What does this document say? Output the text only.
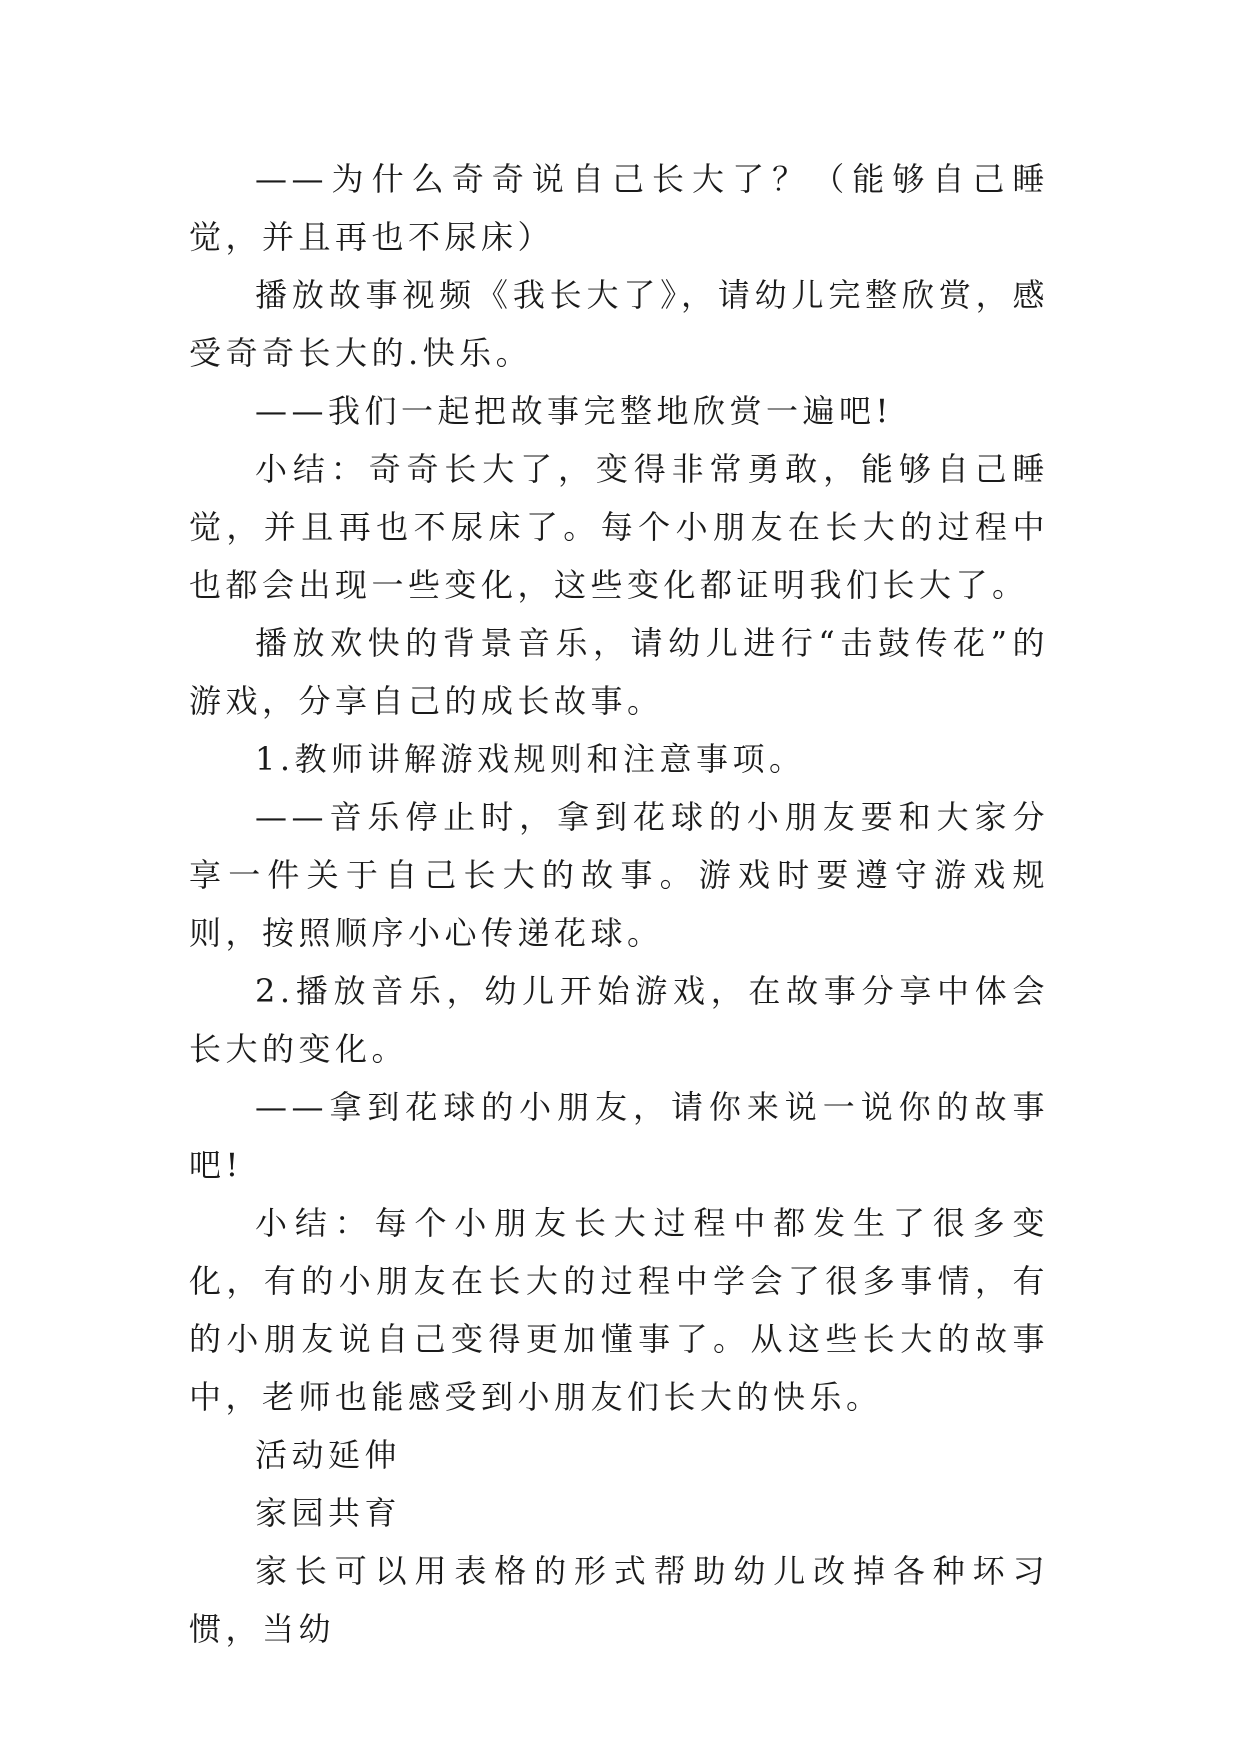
——为什么奇奇说自己长大了？（能够自己睡觉，并且再也不尿床）

播放故事视频《我长大了》，请幼儿完整欣赏，感受奇奇长大的.快乐。

——我们一起把故事完整地欣赏一遍吧!

小结：奇奇长大了，变得非常勇敢，能够自己睡觉，并且再也不尿床了。每个小朋友在长大的过程中也都会出现一些变化，这些变化都证明我们长大了。

播放欢快的背景音乐，请幼儿进行“击鼓传花”的游戏，分享自己的成长故事。

1.教师讲解游戏规则和注意事项。

——音乐停止时，拿到花球的小朋友要和大家分享一件关于自己长大的故事。游戏时要遵守游戏规则，按照顺序小心传递花球。

2.播放音乐，幼儿开始游戏，在故事分享中体会长大的变化。

——拿到花球的小朋友，请你来说一说你的故事吧!

小结：每个小朋友长大过程中都发生了很多变化，有的小朋友在长大的过程中学会了很多事情，有的小朋友说自己变得更加懂事了。从这些长大的故事中，老师也能感受到小朋友们长大的快乐。

活动延伸

家园共育

家长可以用表格的形式帮助幼儿改掉各种坏习惯，当幼
